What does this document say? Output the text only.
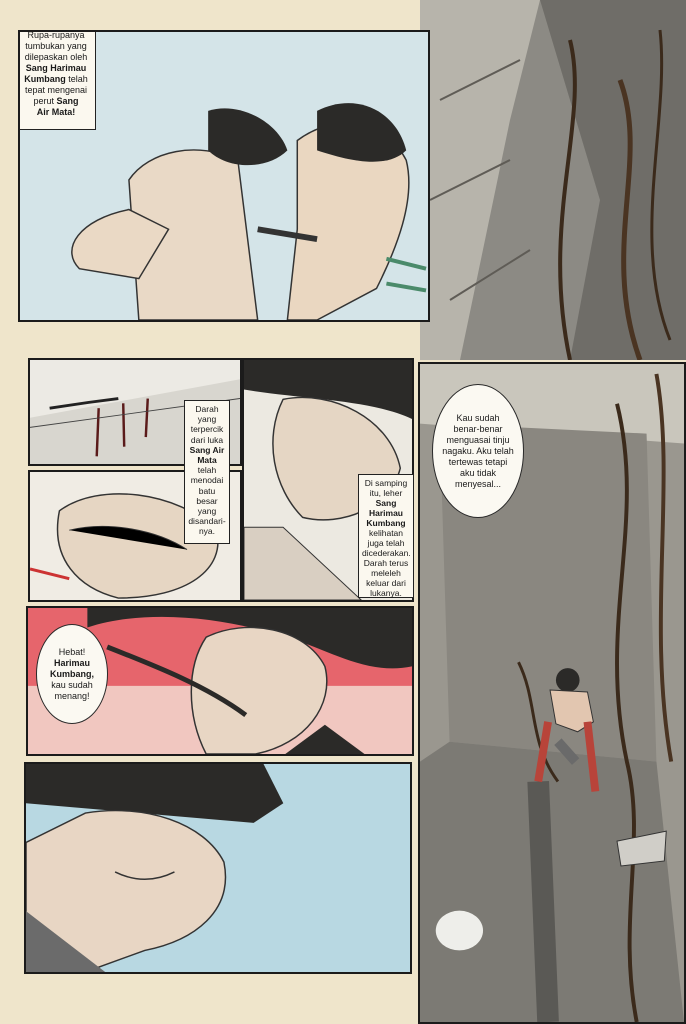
Rupa-rupanya
tumbukan yang
dilepaskan oleh
Sang Harimau
Kumbang telah
tepat mengenai
perut Sang
Air Mata!
Darah
yang
terpercik
dari luka
Sang Air
Mata
telah
menodai
batu
besar
yang
disandari-
nya.
Di samping
itu, leher
Sang
Harimau
Kumbang
kelihatan
juga telah
dicederakan.
Darah terus
meleleh
keluar dari
lukanya.
Hebat!
Harimau
Kumbang,
kau sudah
menang!
Kau sudah
benar-benar
menguasai tinju
nagaku. Aku telah
tertewas tetapi
aku tidak
menyesal...
